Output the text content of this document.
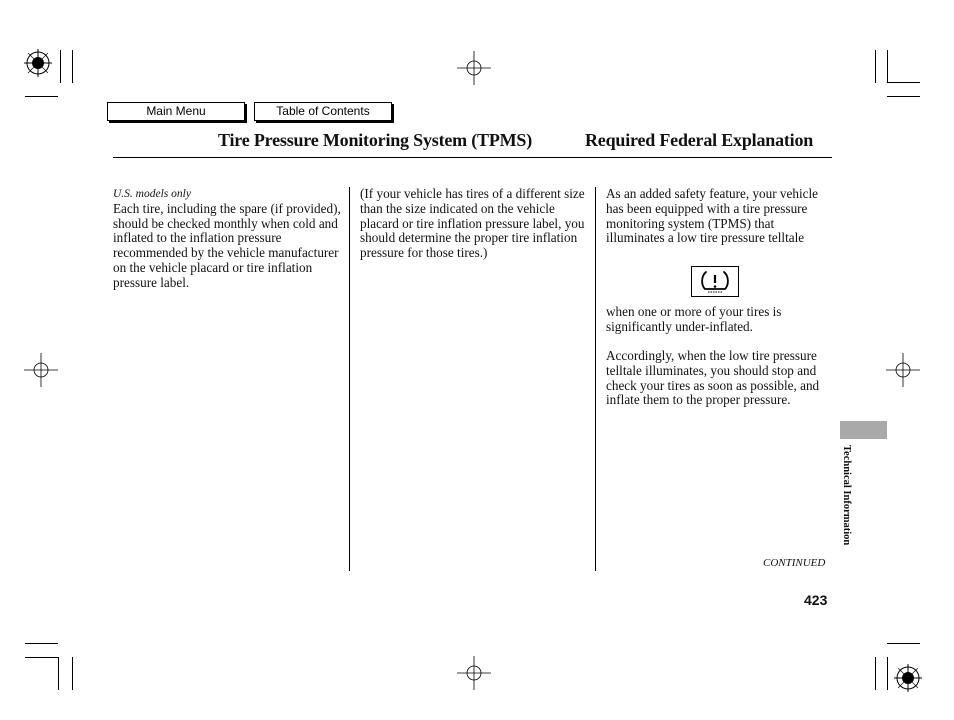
Main Menu	Table of Contents
Tire Pressure Monitoring System (TPMS)	Required Federal Explanation

U.S. models only

Each tire, including the spare (if provided), should be checked monthly when cold and inflated to the inflation pressure recommended by the vehicle manufacturer on the vehicle placard or tire inflation pressure label.

(If your vehicle has tires of a different size than the size indicated on the vehicle placard or tire inflation pressure label, you should determine the proper tire inflation pressure for those tires.)

As an added safety feature, your vehicle has been equipped with a tire pressure monitoring system (TPMS) that illuminates a low tire pressure telltale

when one or more of your tires is significantly under-inflated.

Accordingly, when the low tire pressure telltale illuminates, you should stop and check your tires as soon as possible, and inflate them to the proper pressure.

Technical Information
CONTINUED
423
